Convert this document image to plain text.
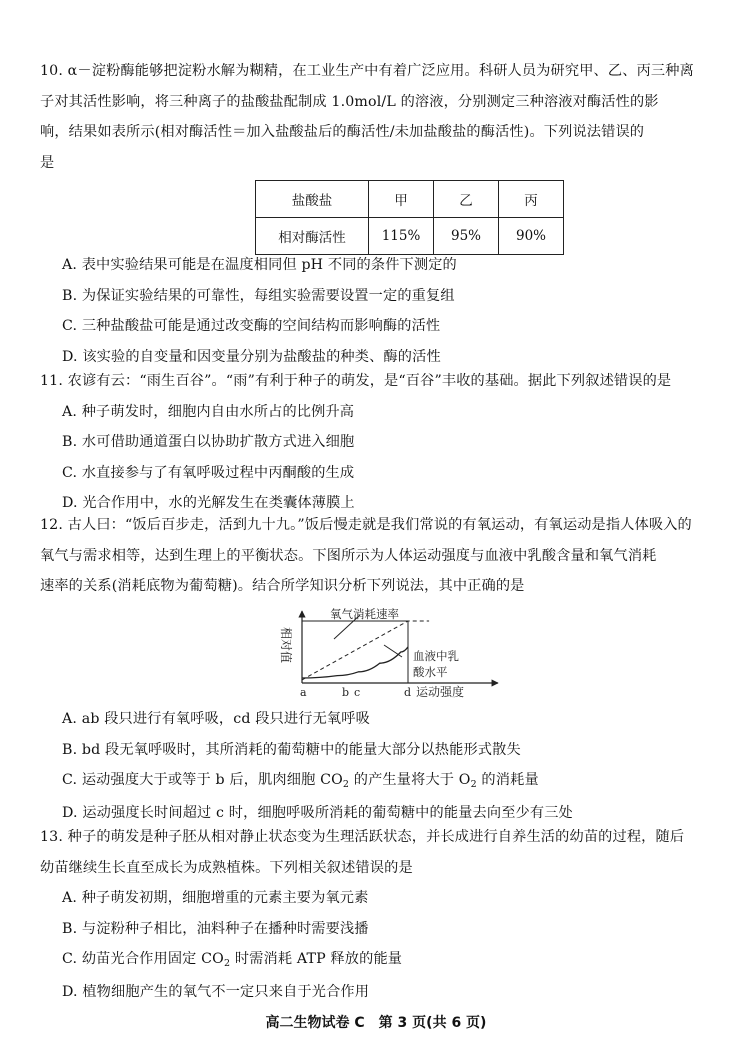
10. α－淀粉酶能够把淀粉水解为糊精，在工业生产中有着广泛应用。科研人员为研究甲、乙、丙三种离

子对其活性影响，将三种离子的盐酸盐配制成 1.0mol/L 的溶液，分别测定三种溶液对酶活性的影

响，结果如表所示(相对酶活性＝加入盐酸盐后的酶活性/未加盐酸盐的酶活性)。下列说法错误的

是

盐酸盐	甲	乙	丙
相对酶活性	115%	95%	90%

A. 表中实验结果可能是在温度相同但 pH 不同的条件下测定的

B. 为保证实验结果的可靠性，每组实验需要设置一定的重复组

C. 三种盐酸盐可能是通过改变酶的空间结构而影响酶的活性

D. 该实验的自变量和因变量分别为盐酸盐的种类、酶的活性

11. 农谚有云：“雨生百谷”。“雨”有利于种子的萌发，是“百谷”丰收的基础。据此下列叙述错误的是

A. 种子萌发时，细胞内自由水所占的比例升高

B. 水可借助通道蛋白以协助扩散方式进入细胞

C. 水直接参与了有氧呼吸过程中丙酮酸的生成

D. 光合作用中，水的光解发生在类囊体薄膜上

12. 古人曰：“饭后百步走，活到九十九。”饭后慢走就是我们常说的有氧运动，有氧运动是指人体吸入的

氧气与需求相等，达到生理上的平衡状态。下图所示为人体运动强度与血液中乳酸含量和氧气消耗

速率的关系(消耗底物为葡萄糖)。结合所学知识分析下列说法，其中正确的是

相对值
氧气消耗速率
血液中乳
酸水平
a	b c	d 运动强度

A. ab 段只进行有氧呼吸，cd 段只进行无氧呼吸

B. bd 段无氧呼吸时，其所消耗的葡萄糖中的能量大部分以热能形式散失

C. 运动强度大于或等于 b 后，肌肉细胞 $CO_2$ 的产生量将大于 $O_2$ 的消耗量

D. 运动强度长时间超过 c 时，细胞呼吸所消耗的葡萄糖中的能量去向至少有三处

13. 种子的萌发是种子胚从相对静止状态变为生理活跃状态，并长成进行自养生活的幼苗的过程，随后

幼苗继续生长直至成长为成熟植株。下列相关叙述错误的是

A. 种子萌发初期，细胞增重的元素主要为氧元素

B. 与淀粉种子相比，油料种子在播种时需要浅播

C. 幼苗光合作用固定 $CO_2$ 时需消耗 ATP 释放的能量

D. 植物细胞产生的氧气不一定只来自于光合作用

高二生物试卷 C　第 3 页(共 6 页)
